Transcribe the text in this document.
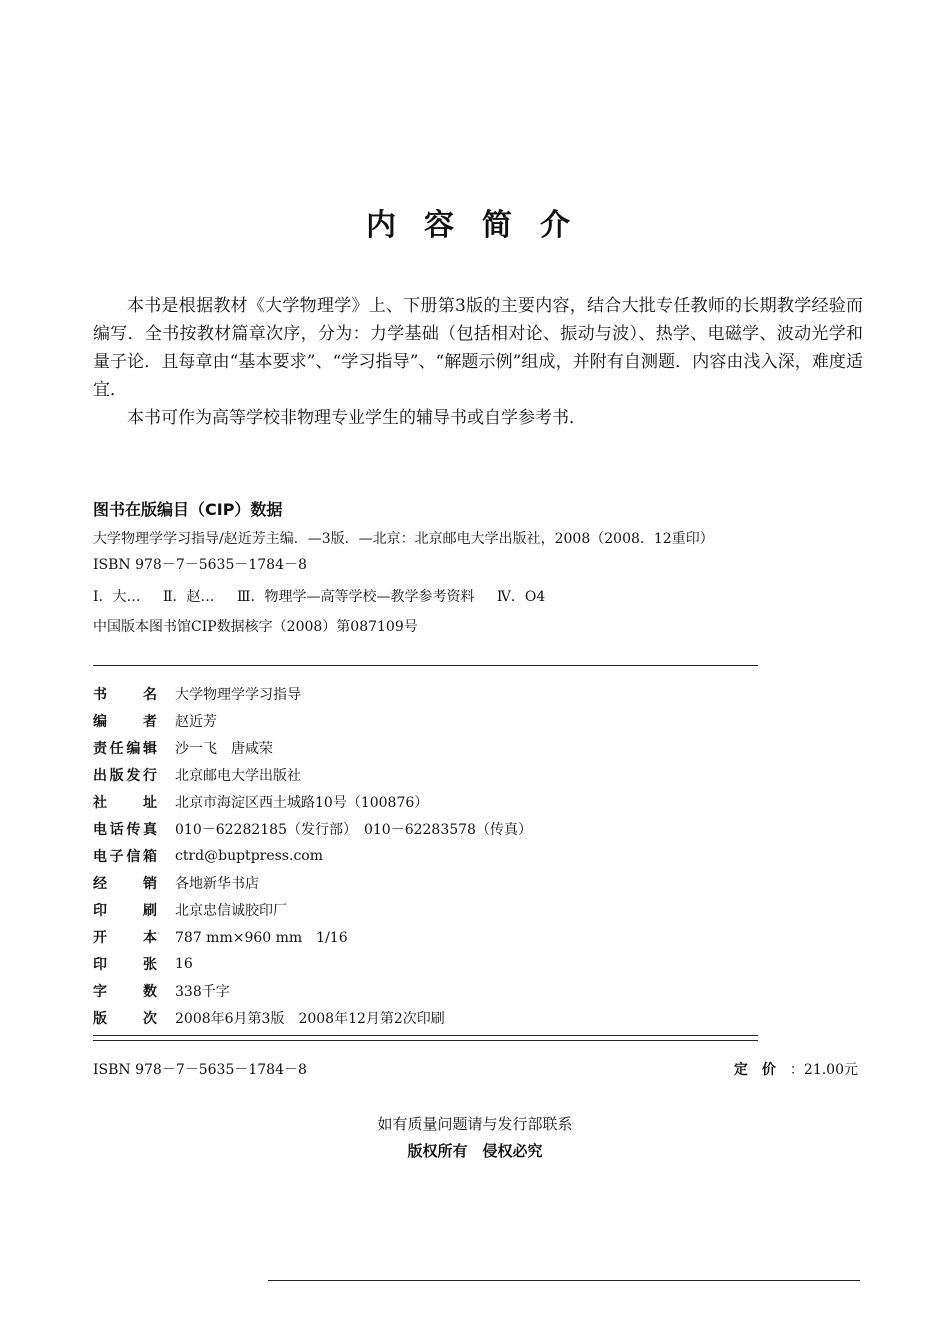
内容简介

本书是根据教材《大学物理学》上、下册第3版的主要内容，结合大批专任教师的长期教学经验而编写．全书按教材篇章次序，分为：力学基础（包括相对论、振动与波）、热学、电磁学、波动光学和量子论．且每章由“基本要求”、“学习指导”、“解题示例”组成，并附有自测题．内容由浅入深，难度适宜．

本书可作为高等学校非物理专业学生的辅导书或自学参考书．

图书在版编目（CIP）数据
大学物理学学习指导/赵近芳主编．—3版．—北京：北京邮电大学出版社，2008（2008．12重印）
ISBN 978－7－5635－1784－8
Ⅰ．大… Ⅱ．赵… Ⅲ．物理学—高等学校—教学参考资料 Ⅳ．O4
中国版本图书馆CIP数据核字（2008）第087109号
书	名 大学物理学学习指导
编	者 赵近芳
责 任 编 辑 沙一飞　唐咸荣
出 版 发 行 北京邮电大学出版社
社	址 北京市海淀区西土城路10号（100876）
电 话 传 真 010－62282185（发行部）　010－62283578（传真）
电 子 信 箱 ctrd@buptpress.com
经	销 各地新华书店
印	刷 北京忠信诚胶印厂
开	本 787 mm×960 mm　1/16
印	张 16
字	数 338千字
版	次 2008年6月第3版　2008年12月第2次印刷
ISBN 978－7－5635－1784－8	定　价 ：21.00元
如有质量问题请与发行部联系
版权所有　侵权必究
